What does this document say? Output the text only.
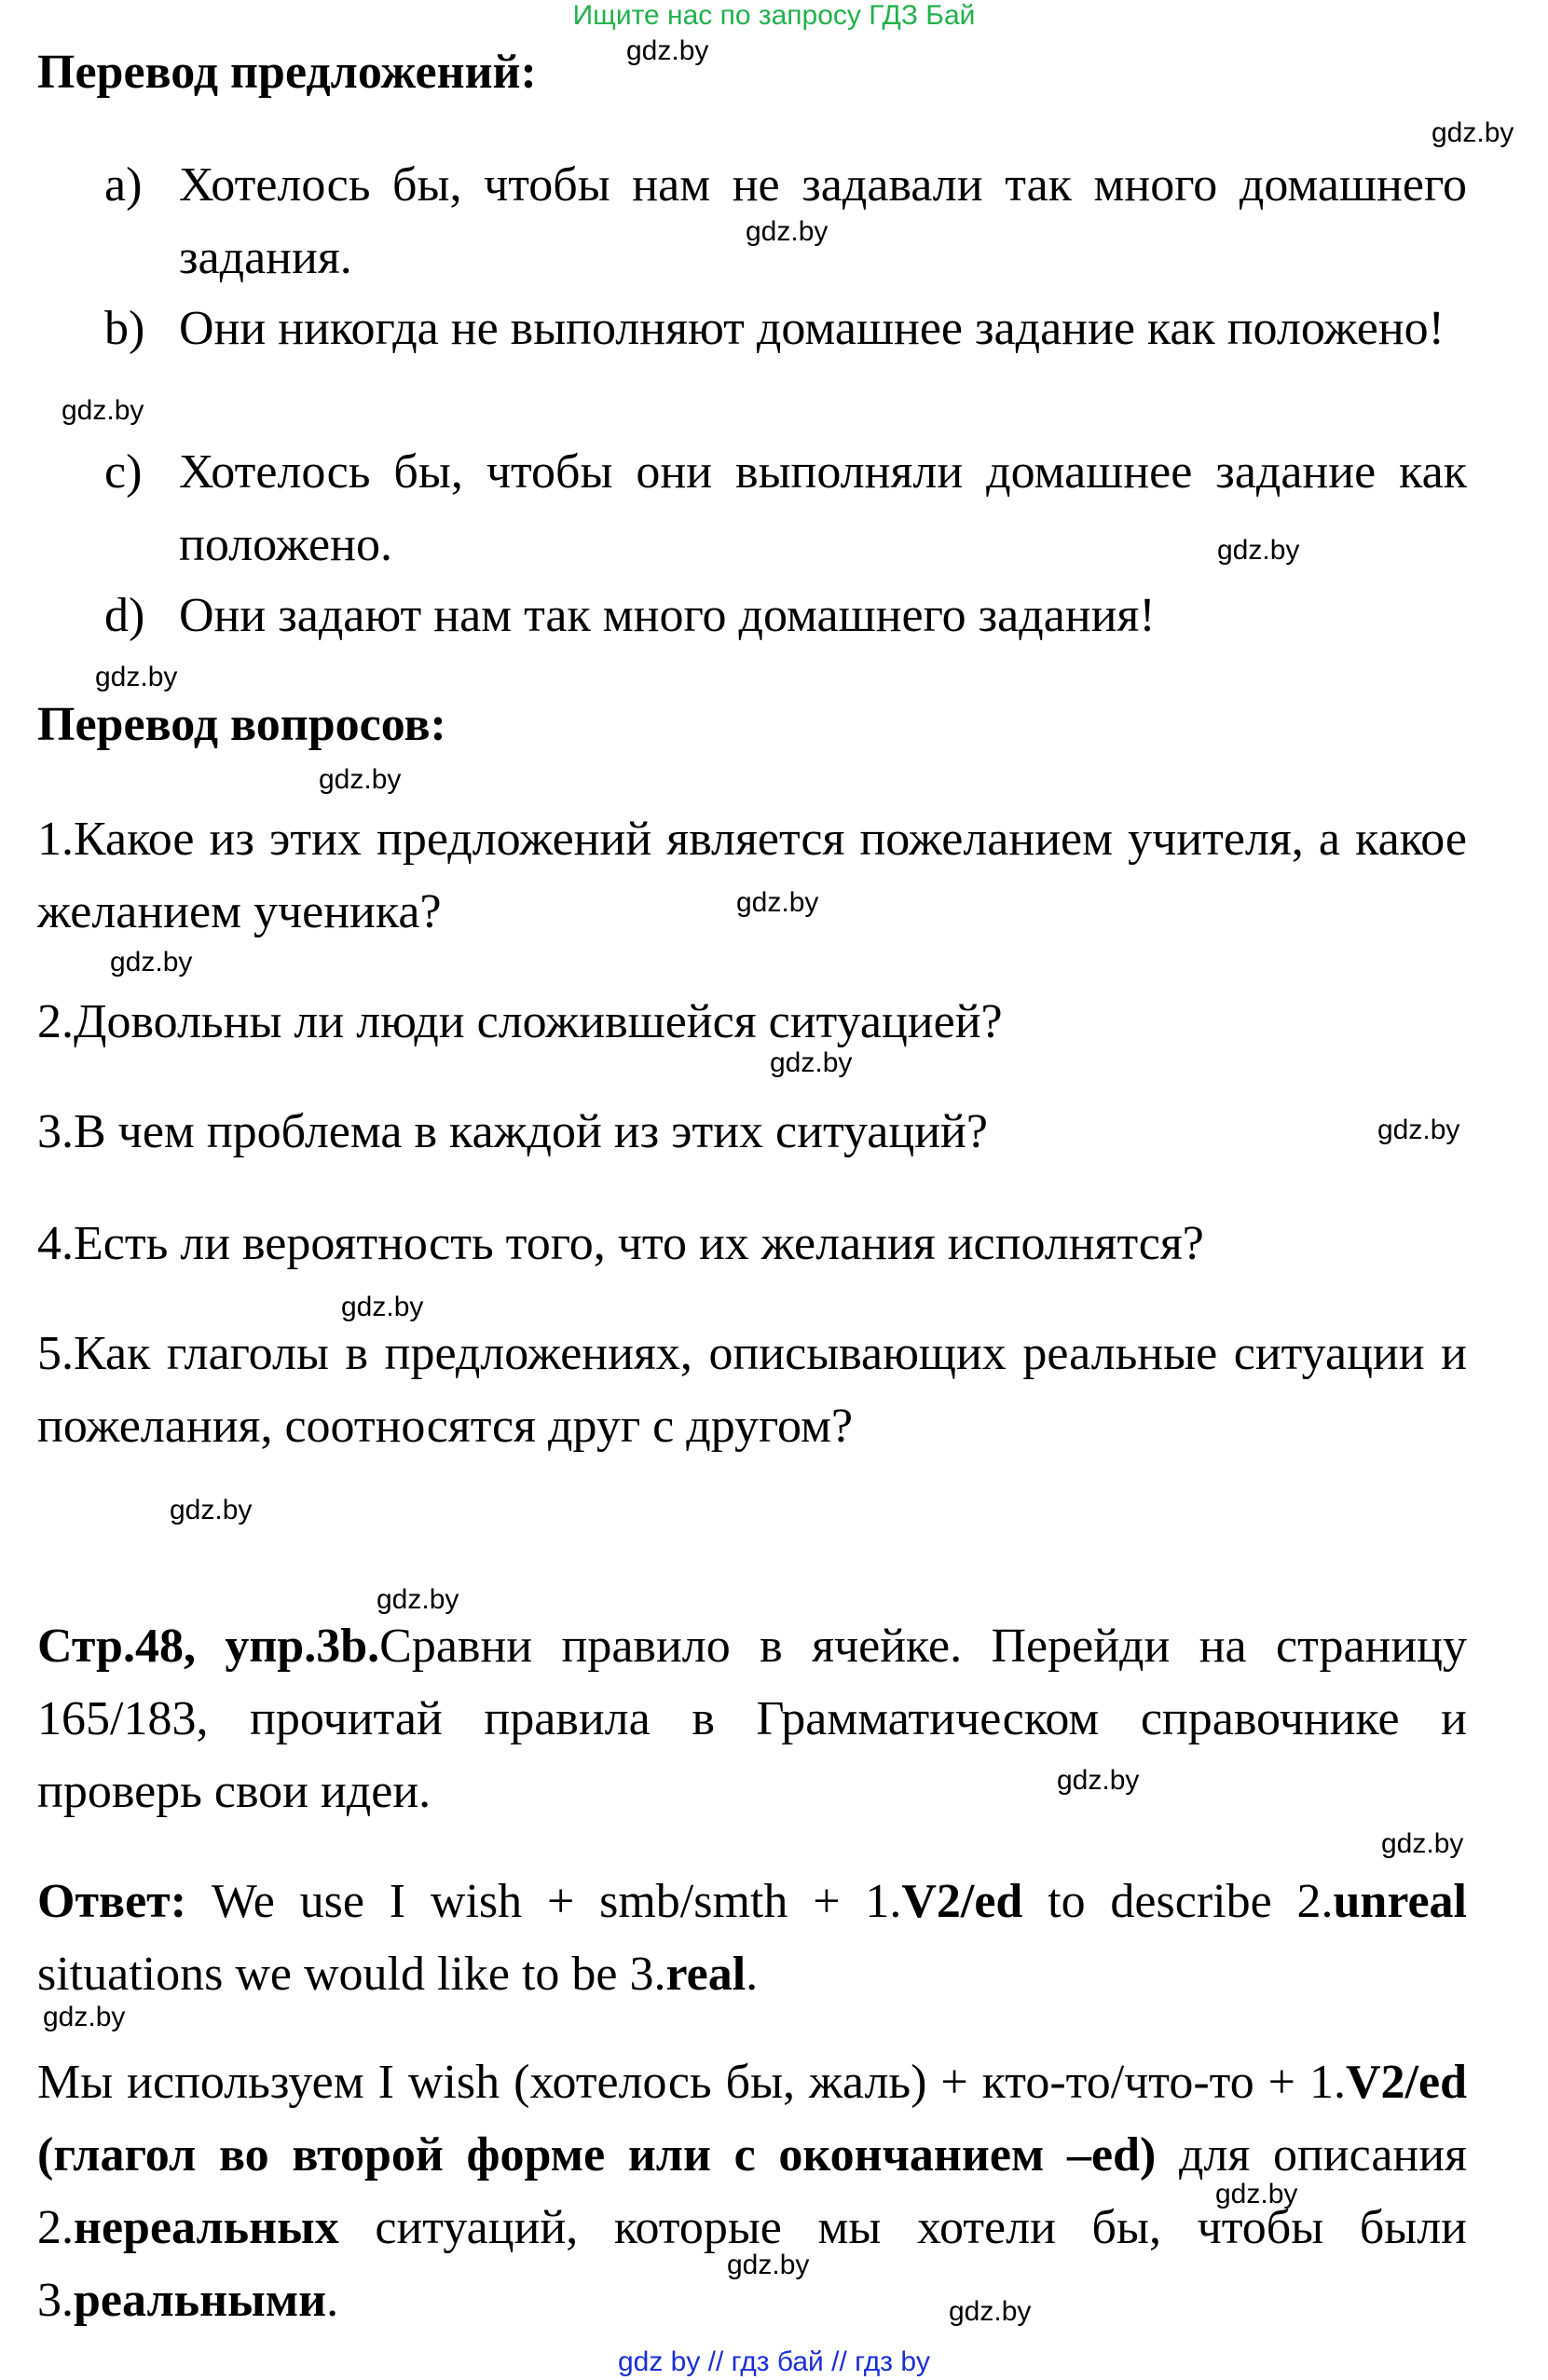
Ищите нас по запросу ГДЗ Бай
Перевод предложений:
a) Хотелось бы, чтобы нам не задавали так много домашнего задания.
b) Они никогда не выполняют домашнее задание как положено!
c) Хотелось бы, чтобы они выполняли домашнее задание как положено.
d) Они задают нам так много домашнего задания!
Перевод вопросов:
1.Какое из этих предложений является пожеланием учителя, а какое желанием ученика?
2.Довольны ли люди сложившейся ситуацией?
3.В чем проблема в каждой из этих ситуаций?
4.Есть ли вероятность того, что их желания исполнятся?
5.Как глаголы в предложениях, описывающих реальные ситуации и пожелания, соотносятся друг с другом?
Стр.48, упр.3b.Сравни правило в ячейке. Перейди на страницу 165/183, прочитай правила в Грамматическом справочнике и проверь свои идеи.
Ответ: We use I wish + smb/smth + 1.V2/ed to describe 2.unreal situations we would like to be 3.real.
Мы используем I wish (хотелось бы, жаль) + кто-то/что-то + 1.V2/ed (глагол во второй форме или с окончанием –ed) для описания 2.нереальных ситуаций, которые мы хотели бы, чтобы были 3.реальными.
gdz.by
gdz.by
gdz.by
gdz.by
gdz.by
gdz.by
gdz.by
gdz.by
gdz.by
gdz.by
gdz.by
gdz.by
gdz.by
gdz.by
gdz.by
gdz.by
gdz.by
gdz.by
gdz.by
gdz.by
gdz by // гдз бай // гдз by
